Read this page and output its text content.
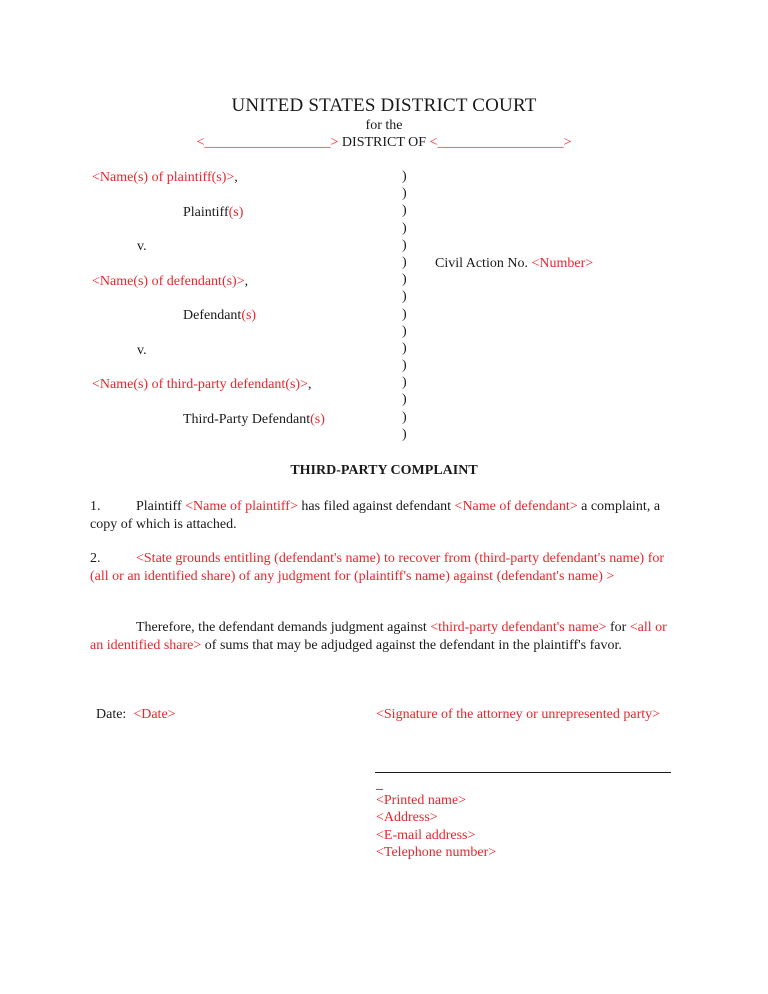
UNITED STATES DISTRICT COURT
for the
<__________________> DISTRICT OF <__________________>
<Name(s) of plaintiff(s)>,
Plaintiff(s)
v.
<Name(s) of defendant(s)>,
Defendant(s)
v.
<Name(s) of third-party defendant(s)>,
Third-Party Defendant(s)
)
)
)
)
)
)
)
)
)
)
)
)
)
)
)
)
Civil Action No. <Number>
THIRD-PARTY COMPLAINT
1.	Plaintiff <Name of plaintiff> has filed against defendant <Name of defendant> a complaint, a copy of which is attached.
2.	<State grounds entitling (defendant's name) to recover from (third-party defendant's name) for (all or an identified share) of any judgment for (plaintiff's name) against (defendant's name) >
Therefore, the defendant demands judgment against <third-party defendant's name> for <all or an identified share> of sums that may be adjudged against the defendant in the plaintiff's favor.
Date: <Date>	<Signature of the attorney or unrepresented party>
_
<Printed name>
<Address>
<E-mail address>
<Telephone number>
